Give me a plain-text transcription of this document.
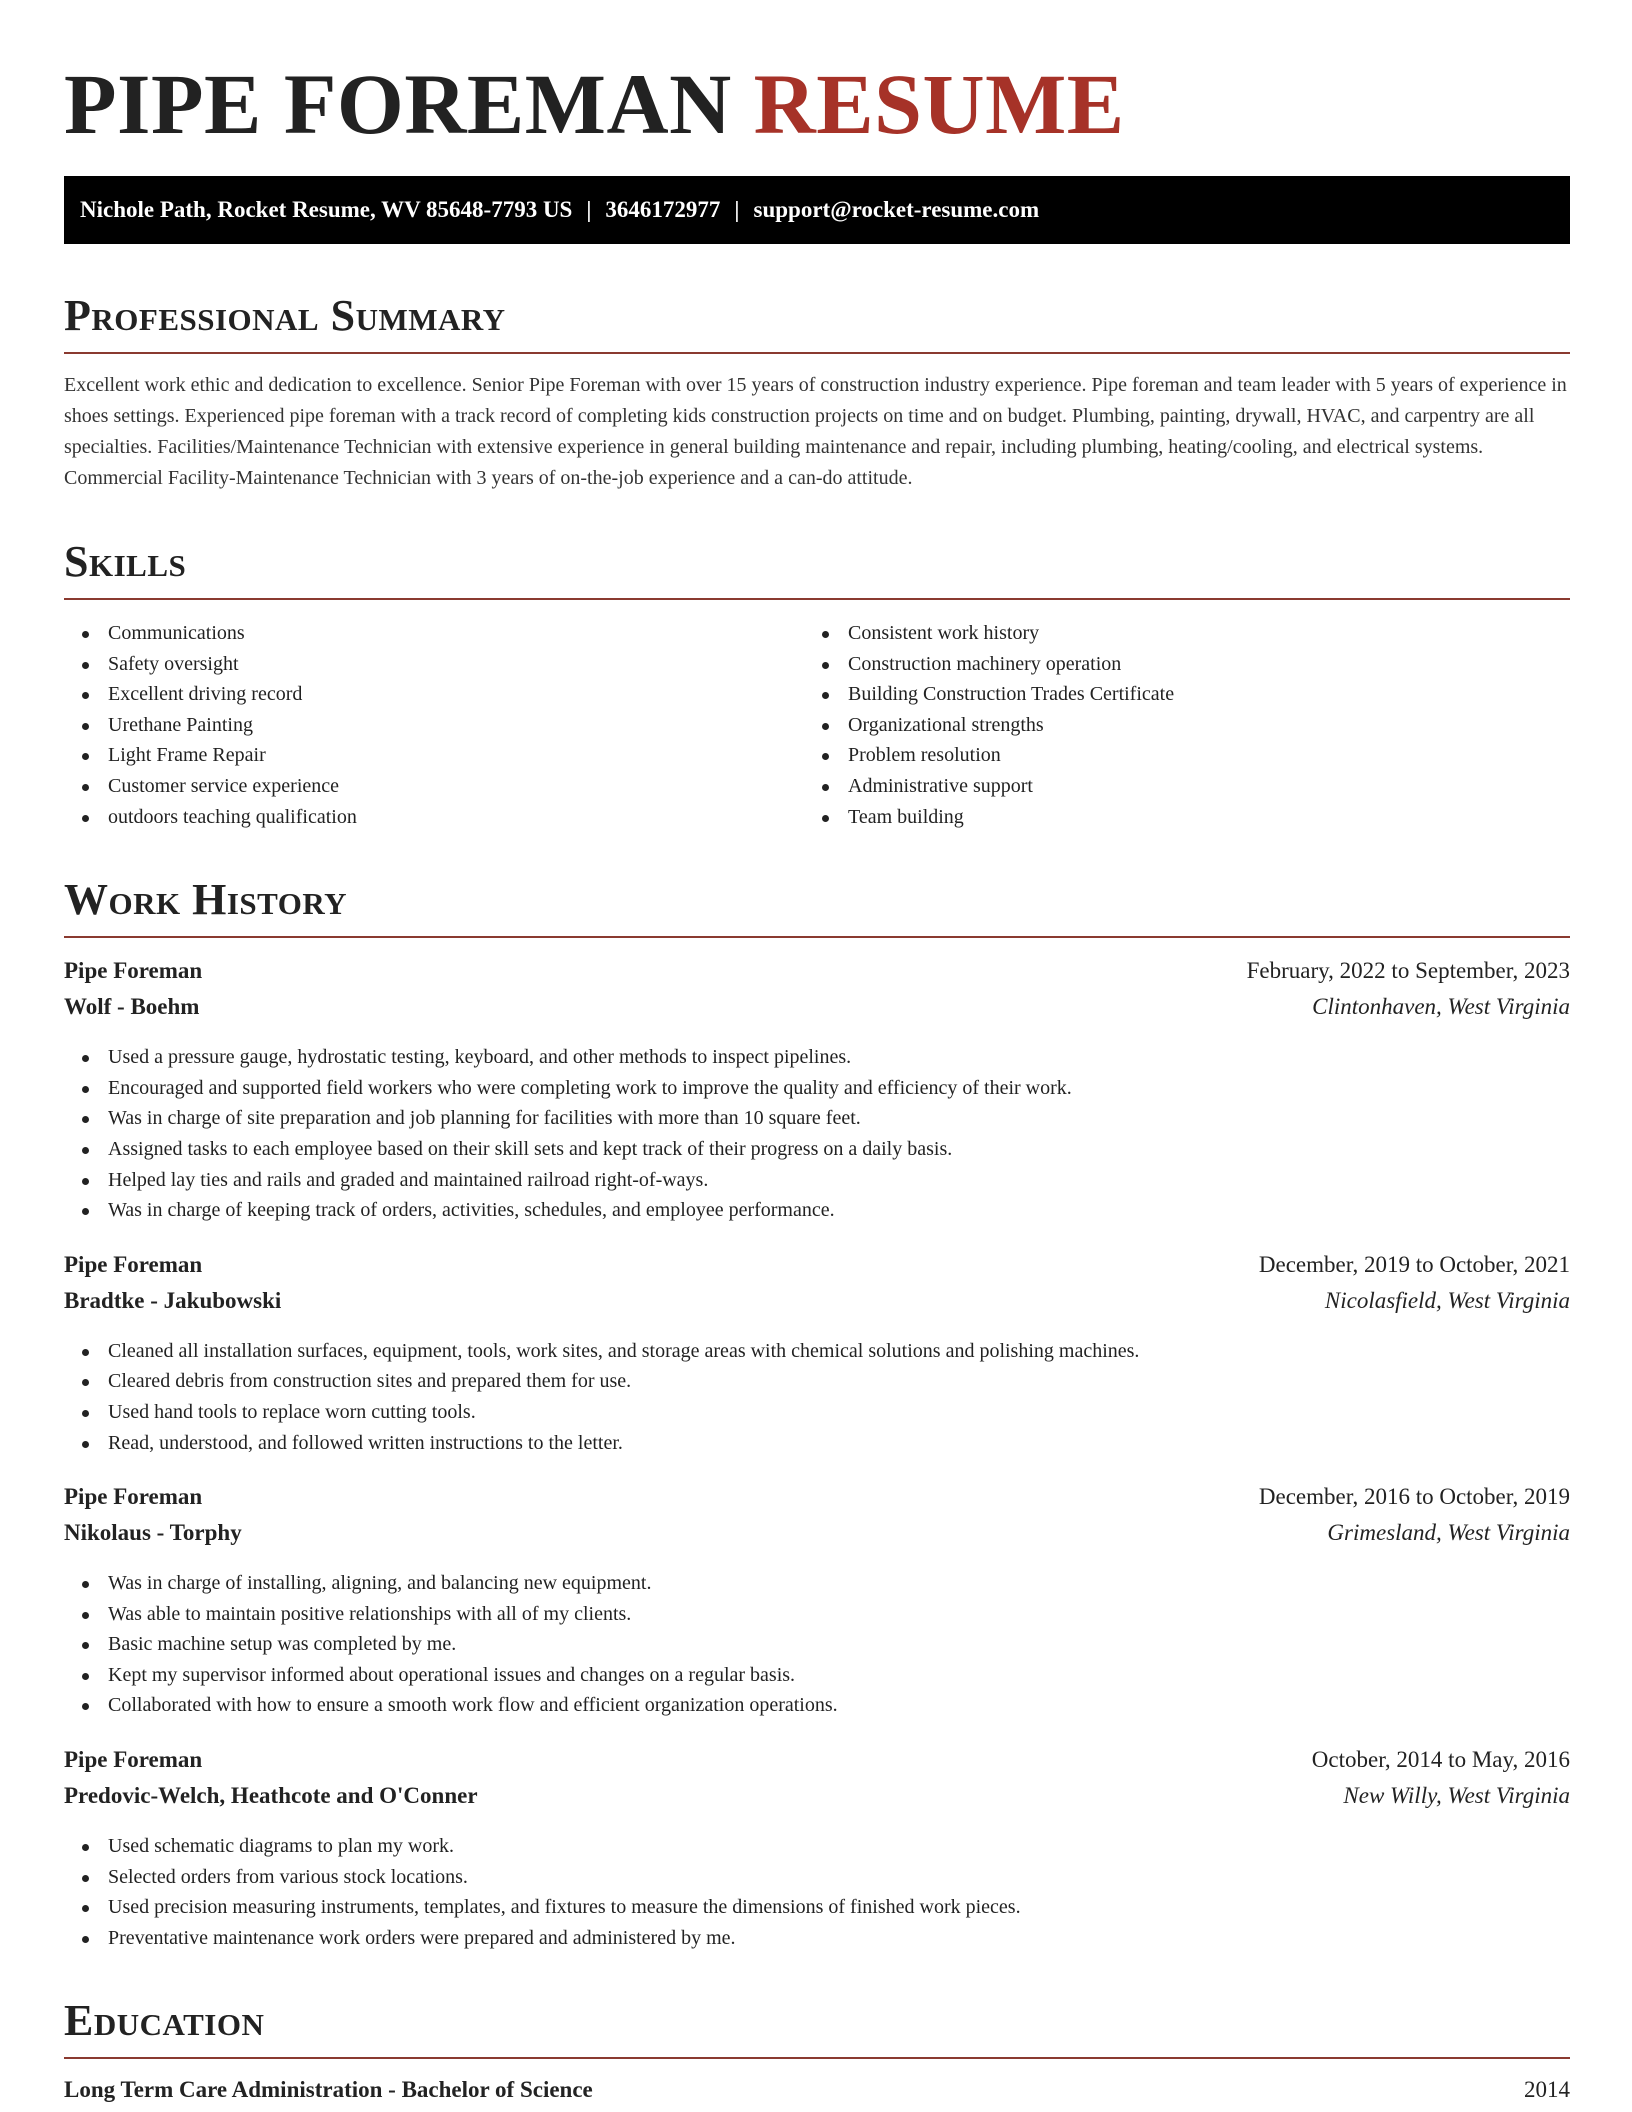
PIPE FOREMAN RESUME
Nichole Path, Rocket Resume, WV 85648-7793 US | 3646172977 | support@rocket-resume.com
Professional Summary
Excellent work ethic and dedication to excellence. Senior Pipe Foreman with over 15 years of construction industry experience. Pipe foreman and team leader with 5 years of experience in shoes settings. Experienced pipe foreman with a track record of completing kids construction projects on time and on budget. Plumbing, painting, drywall, HVAC, and carpentry are all specialties. Facilities/Maintenance Technician with extensive experience in general building maintenance and repair, including plumbing, heating/cooling, and electrical systems. Commercial Facility-Maintenance Technician with 3 years of on-the-job experience and a can-do attitude.
Skills
Communications
Safety oversight
Excellent driving record
Urethane Painting
Light Frame Repair
Customer service experience
outdoors teaching qualification
Consistent work history
Construction machinery operation
Building Construction Trades Certificate
Organizational strengths
Problem resolution
Administrative support
Team building
Work History
Pipe Foreman	February, 2022 to September, 2023
Wolf - Boehm	Clintonhaven, West Virginia
Used a pressure gauge, hydrostatic testing, keyboard, and other methods to inspect pipelines.
Encouraged and supported field workers who were completing work to improve the quality and efficiency of their work.
Was in charge of site preparation and job planning for facilities with more than 10 square feet.
Assigned tasks to each employee based on their skill sets and kept track of their progress on a daily basis.
Helped lay ties and rails and graded and maintained railroad right-of-ways.
Was in charge of keeping track of orders, activities, schedules, and employee performance.
Pipe Foreman	December, 2019 to October, 2021
Bradtke - Jakubowski	Nicolasfield, West Virginia
Cleaned all installation surfaces, equipment, tools, work sites, and storage areas with chemical solutions and polishing machines.
Cleared debris from construction sites and prepared them for use.
Used hand tools to replace worn cutting tools.
Read, understood, and followed written instructions to the letter.
Pipe Foreman	December, 2016 to October, 2019
Nikolaus - Torphy	Grimesland, West Virginia
Was in charge of installing, aligning, and balancing new equipment.
Was able to maintain positive relationships with all of my clients.
Basic machine setup was completed by me.
Kept my supervisor informed about operational issues and changes on a regular basis.
Collaborated with how to ensure a smooth work flow and efficient organization operations.
Pipe Foreman	October, 2014 to May, 2016
Predovic-Welch, Heathcote and O'Conner	New Willy, West Virginia
Used schematic diagrams to plan my work.
Selected orders from various stock locations.
Used precision measuring instruments, templates, and fixtures to measure the dimensions of finished work pieces.
Preventative maintenance work orders were prepared and administered by me.
Education
Long Term Care Administration - Bachelor of Science	2014
